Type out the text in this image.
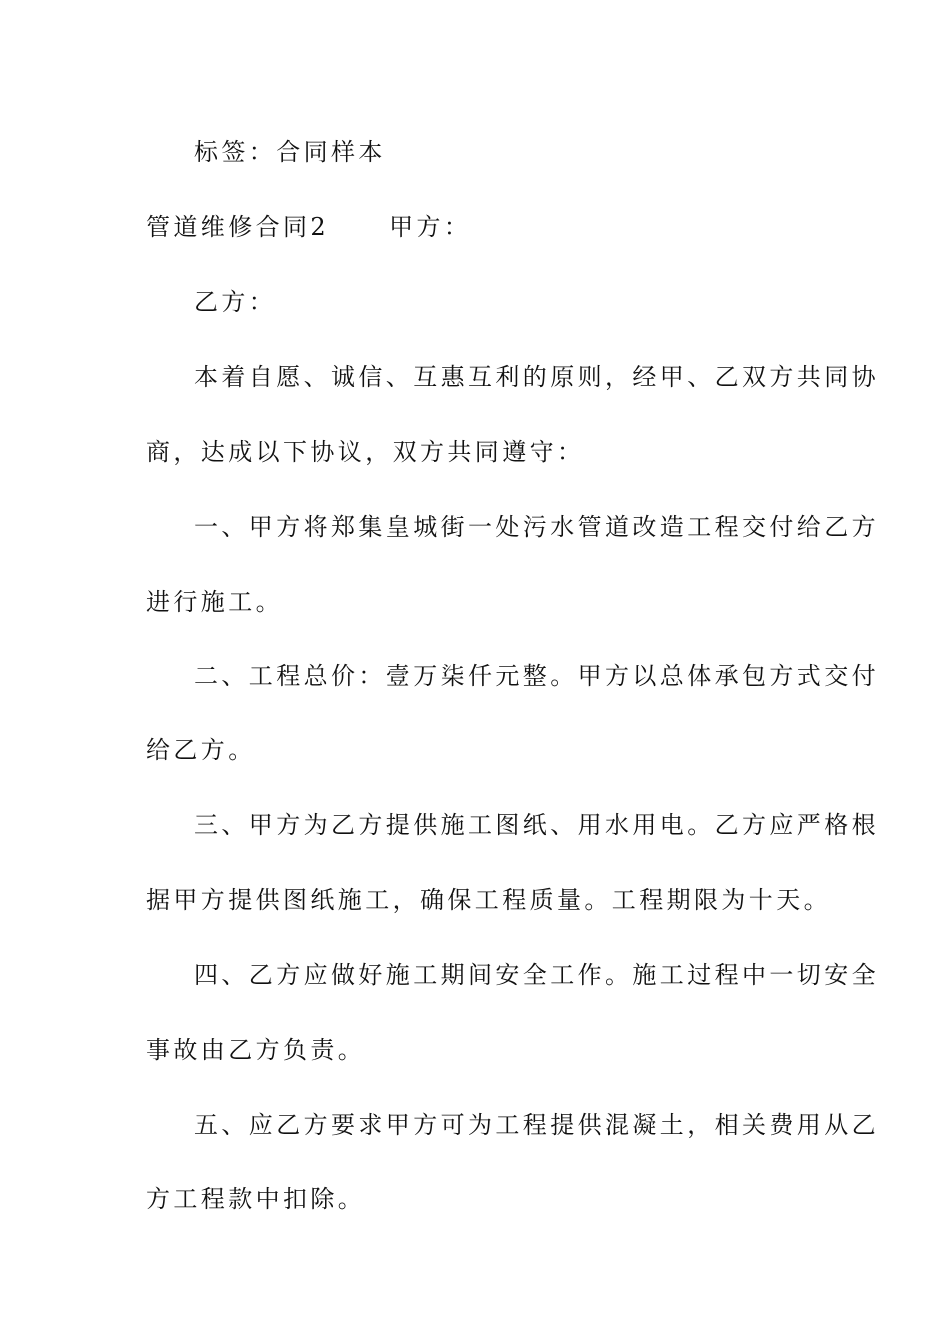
标签：合同样本
管道维修合同2	甲方：
乙方：
本着自愿、诚信、互惠互利的原则，经甲、乙双方共同协
商，达成以下协议，双方共同遵守：
一、甲方将郑集皇城街一处污水管道改造工程交付给乙方
进行施工。
二、工程总价：壹万柒仟元整。甲方以总体承包方式交付
给乙方。
三、甲方为乙方提供施工图纸、用水用电。乙方应严格根
据甲方提供图纸施工，确保工程质量。工程期限为十天。
四、乙方应做好施工期间安全工作。施工过程中一切安全
事故由乙方负责。
五、应乙方要求甲方可为工程提供混凝土，相关费用从乙
方工程款中扣除。
